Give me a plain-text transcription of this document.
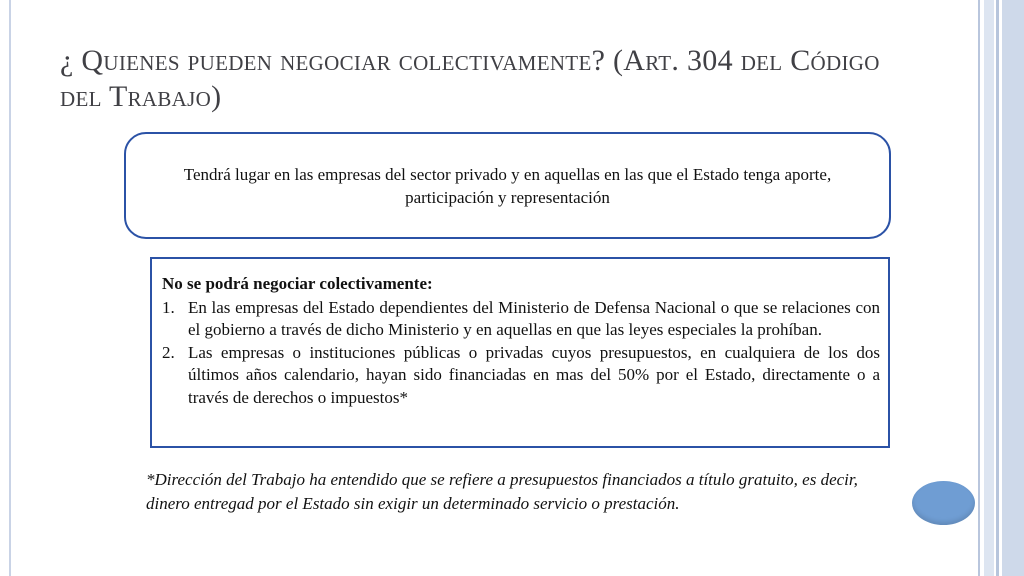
¿ Quienes pueden negociar colectivamente? (Art. 304 del Código del Trabajo)
Tendrá lugar en las empresas del sector privado y en aquellas en las que el Estado tenga aporte, participación y representación
No se podrá negociar colectivamente:
1. En las empresas del Estado dependientes del Ministerio de Defensa Nacional o que se relaciones con el gobierno a través de dicho Ministerio y en aquellas en que las leyes especiales la prohíban.
2. Las empresas o instituciones públicas o privadas cuyos presupuestos, en cualquiera de los dos últimos años calendario, hayan sido financiadas en mas del 50% por el Estado, directamente o a través de derechos o impuestos*
*Dirección del Trabajo ha entendido que se refiere a presupuestos financiados a título gratuito, es decir, dinero entregad por el Estado sin exigir un determinado servicio o prestación.
